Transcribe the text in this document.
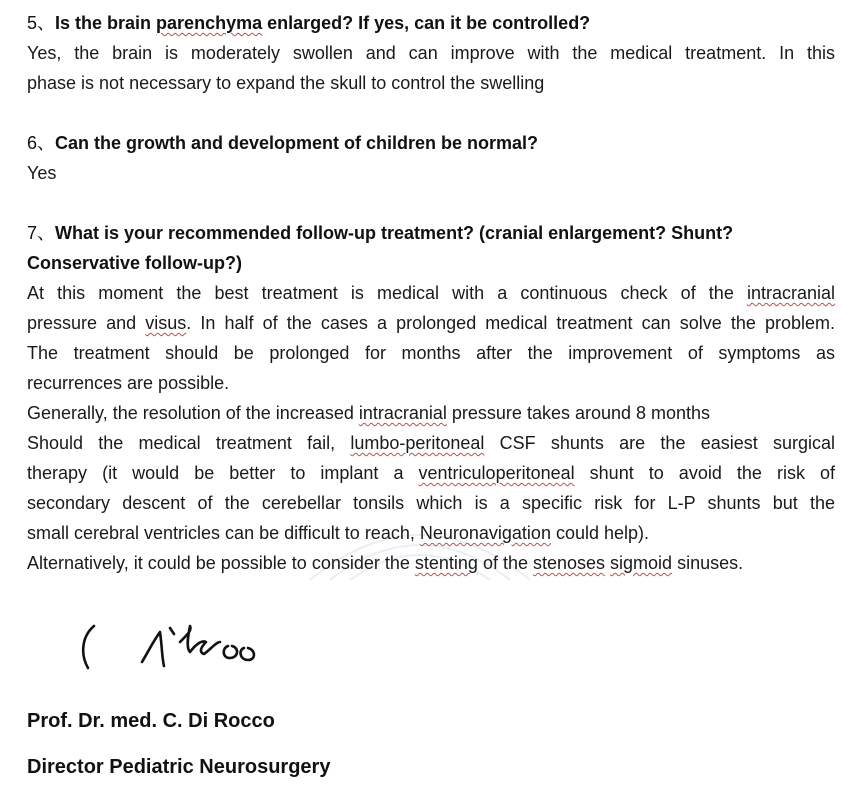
5、Is the brain parenchyma enlarged? If yes, can it be controlled?
Yes, the brain is moderately swollen and can improve with the medical treatment. In this
phase is not necessary to expand the skull to control the swelling
6、Can the growth and development of children be normal?
Yes
7、What is your recommended follow-up treatment? (cranial enlargement? Shunt?
Conservative follow-up?)
At this moment the best treatment is medical with a continuous check of the intracranial
pressure and visus. In half of the cases a prolonged medical treatment can solve the problem.
The treatment should be prolonged for months after the improvement of symptoms as
recurrences are possible.
Generally, the resolution of the increased intracranial pressure takes around 8 months
Should the medical treatment fail, lumbo-peritoneal CSF shunts are the easiest surgical
therapy (it would be better to implant a ventriculoperitoneal shunt to avoid the risk of
secondary descent of the cerebellar tonsils which is a specific risk for L-P shunts but the
small cerebral ventricles can be difficult to reach, Neuronavigation could help).
Alternatively, it could be possible to consider the stenting of the stenoses sigmoid sinuses.
Prof. Dr. med. C. Di Rocco
Director Pediatric Neurosurgery
